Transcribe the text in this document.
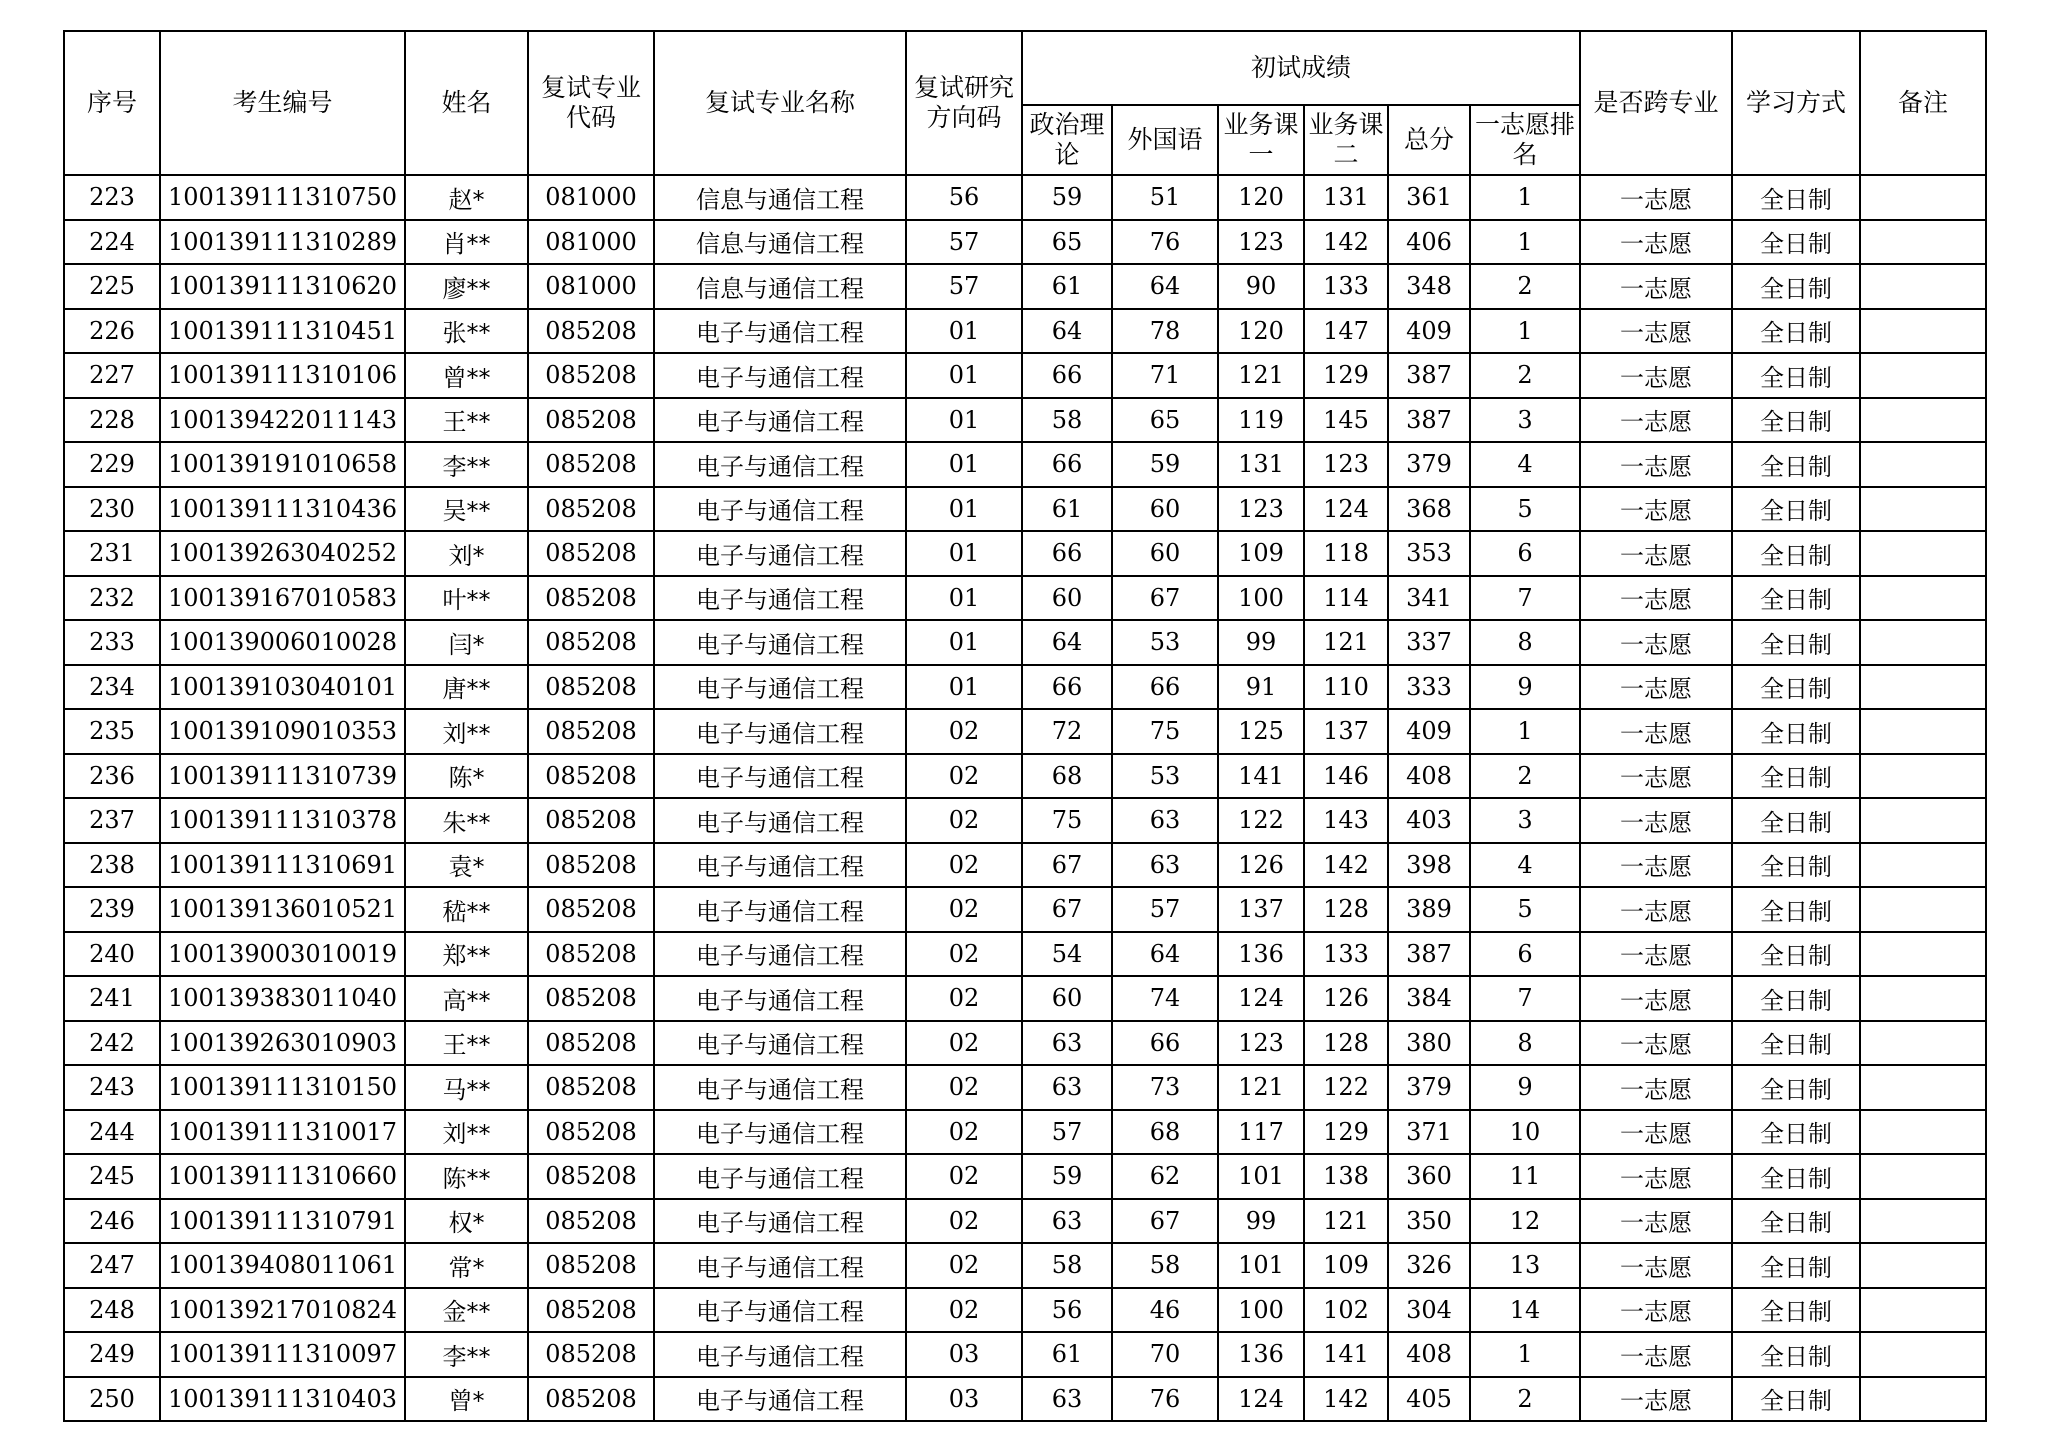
序号	考生编号	姓名	复试专业代码	复试专业名称	复试研究方向码	初试成绩						是否跨专业	学习方式	备注
						政治理论	外国语	业务课一	业务课二	总分	一志愿排名			
223	100139111310750	赵*	081000	信息与通信工程	56	59	51	120	131	361	1	一志愿	全日制	
224	100139111310289	肖**	081000	信息与通信工程	57	65	76	123	142	406	1	一志愿	全日制	
225	100139111310620	廖**	081000	信息与通信工程	57	61	64	90	133	348	2	一志愿	全日制	
226	100139111310451	张**	085208	电子与通信工程	01	64	78	120	147	409	1	一志愿	全日制	
227	100139111310106	曾**	085208	电子与通信工程	01	66	71	121	129	387	2	一志愿	全日制	
228	100139422011143	王**	085208	电子与通信工程	01	58	65	119	145	387	3	一志愿	全日制	
229	100139191010658	李**	085208	电子与通信工程	01	66	59	131	123	379	4	一志愿	全日制	
230	100139111310436	吴**	085208	电子与通信工程	01	61	60	123	124	368	5	一志愿	全日制	
231	100139263040252	刘*	085208	电子与通信工程	01	66	60	109	118	353	6	一志愿	全日制	
232	100139167010583	叶**	085208	电子与通信工程	01	60	67	100	114	341	7	一志愿	全日制	
233	100139006010028	闫*	085208	电子与通信工程	01	64	53	99	121	337	8	一志愿	全日制	
234	100139103040101	唐**	085208	电子与通信工程	01	66	66	91	110	333	9	一志愿	全日制	
235	100139109010353	刘**	085208	电子与通信工程	02	72	75	125	137	409	1	一志愿	全日制	
236	100139111310739	陈*	085208	电子与通信工程	02	68	53	141	146	408	2	一志愿	全日制	
237	100139111310378	朱**	085208	电子与通信工程	02	75	63	122	143	403	3	一志愿	全日制	
238	100139111310691	袁*	085208	电子与通信工程	02	67	63	126	142	398	4	一志愿	全日制	
239	100139136010521	嵇**	085208	电子与通信工程	02	67	57	137	128	389	5	一志愿	全日制	
240	100139003010019	郑**	085208	电子与通信工程	02	54	64	136	133	387	6	一志愿	全日制	
241	100139383011040	高**	085208	电子与通信工程	02	60	74	124	126	384	7	一志愿	全日制	
242	100139263010903	王**	085208	电子与通信工程	02	63	66	123	128	380	8	一志愿	全日制	
243	100139111310150	马**	085208	电子与通信工程	02	63	73	121	122	379	9	一志愿	全日制	
244	100139111310017	刘**	085208	电子与通信工程	02	57	68	117	129	371	10	一志愿	全日制	
245	100139111310660	陈**	085208	电子与通信工程	02	59	62	101	138	360	11	一志愿	全日制	
246	100139111310791	权*	085208	电子与通信工程	02	63	67	99	121	350	12	一志愿	全日制	
247	100139408011061	常*	085208	电子与通信工程	02	58	58	101	109	326	13	一志愿	全日制	
248	100139217010824	金**	085208	电子与通信工程	02	56	46	100	102	304	14	一志愿	全日制	
249	100139111310097	李**	085208	电子与通信工程	03	61	70	136	141	408	1	一志愿	全日制	
250	100139111310403	曾*	085208	电子与通信工程	03	63	76	124	142	405	2	一志愿	全日制	
